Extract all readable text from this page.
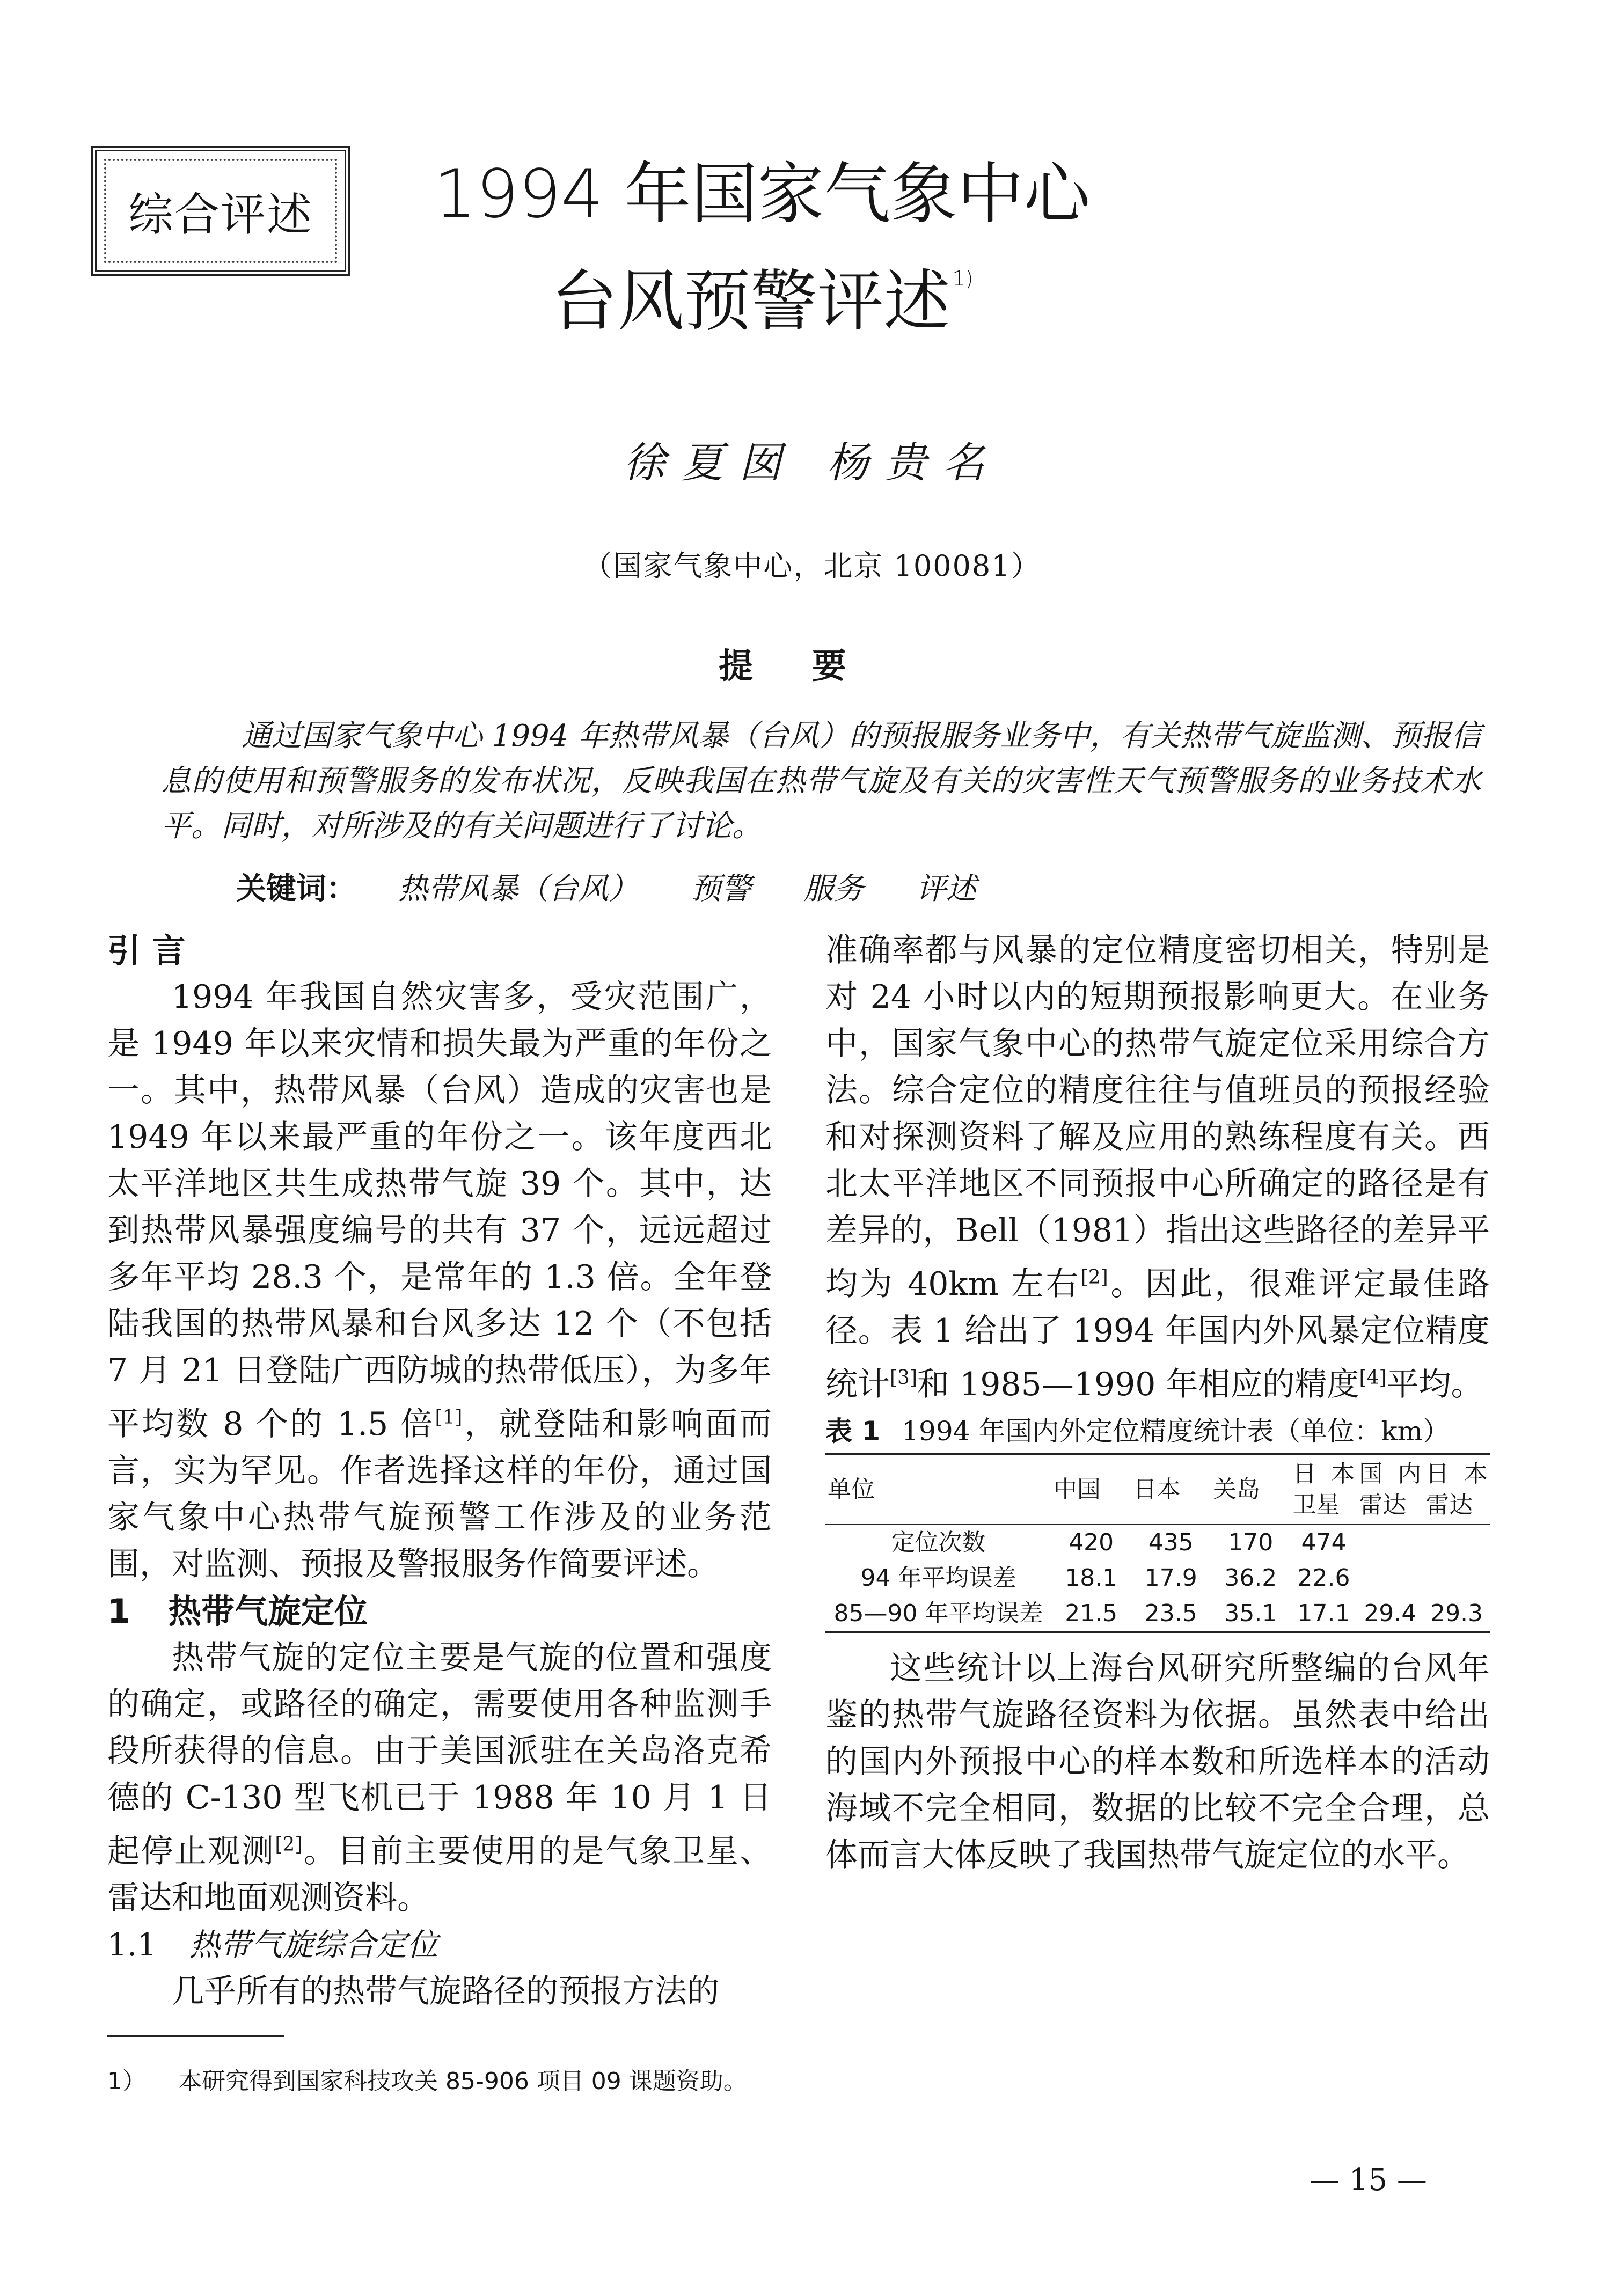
综合评述	1994 年国家气象中心
台风预警评述 $^{1)}$
徐夏囡 杨贵名
（国家气象中心，北京 100081）
提要

通过国家气象中心 1994 年热带风暴（台风）的预报服务业务中，有关热带气旋监测、预报信息的使用和预警服务的发布状况，反映我国在热带气旋及有关的灾害性天气预警服务的业务技术水平。同时，对所涉及的有关问题进行了讨论。

关键词： 热带风暴（台风） 预警 服务 评述
引 言

1994 年我国自然灾害多，受灾范围广，是 1949 年以来灾情和损失最为严重的年份之一。其中，热带风暴（台风）造成的灾害也是 1949 年以来最严重的年份之一。该年度西北太平洋地区共生成热带气旋 39 个。其中，达到热带风暴强度编号的共有 37 个，远远超过多年平均 28.3 个，是常年的 1.3 倍。全年登陆我国的热带风暴和台风多达 12 个（不包括 7 月 21 日登陆广西防城的热带低压），为多年平均数 8 个的 1.5 倍[1]，就登陆和影响面而言，实为罕见。作者选择这样的年份，通过国家气象中心热带气旋预警工作涉及的业务范围，对监测、预报及警报服务作简要评述。

1 热带气旋定位

热带气旋的定位主要是气旋的位置和强度的确定，或路径的确定，需要使用各种监测手段所获得的信息。由于美国派驻在关岛洛克希德的 C-130 型飞机已于 1988 年 10 月 1 日起停止观测[2]。目前主要使用的是气象卫星、雷达和地面观测资料。

1.1 热带气旋综合定位

几乎所有的热带气旋路径的预报方法的

准确率都与风暴的定位精度密切相关，特别是对 24 小时以内的短期预报影响更大。在业务中，国家气象中心的热带气旋定位采用综合方法。综合定位的精度往往与值班员的预报经验和对探测资料了解及应用的熟练程度有关。西北太平洋地区不同预报中心所确定的路径是有差异的，Bell（1981）指出这些路径的差异平均为 40km 左右[2]。因此，很难评定最佳路径。表 1 给出了 1994 年国内外风暴定位精度统计[3]和 1985—1990 年相应的精度[4]平均。

表 1 1994 年国内外定位精度统计表（单位：km）
单位	中国	日本	关岛	日本卫星	国内雷达	日本雷达
定位次数	420	435	170	474		
94 年平均误差	18.1	17.9	36.2	22.6		
85—90 年平均误差	21.5	23.5	35.1	17.1	29.4	29.3

这些统计以上海台风研究所整编的台风年鉴的热带气旋路径资料为依据。虽然表中给出的国内外预报中心的样本数和所选样本的活动海域不完全相同，数据的比较不完全合理，总体而言大体反映了我国热带气旋定位的水平。

1） 本研究得到国家科技攻关 85-906 项目 09 课题资助。
— 15 —
